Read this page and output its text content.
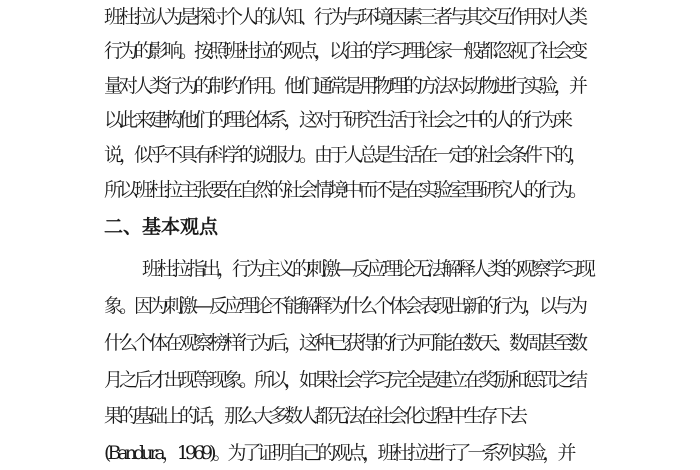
班杜拉认为是探讨个人的认知、行为与环境因素三者与其交互作用对人类
行为的影响。按照班杜拉的观点，以往的学习理论家一般都忽视了社会变
量对人类行为的制约作用。他们通常是用物理的方法对动物进行实验，并
以此来建构他们的理论体系，这对于研究生活于社会之中的人的行为来
说，似乎不具有科学的说服力。由于人总是生活在一定的社会条件下的，
所以班杜拉主张要在自然的社会情境中而不是在实验室里研究人的行为。
二、基本观点
班杜拉指出，行为主义的刺激—反应理论无法解释人类的观察学习现
象。因为刺激—反应理论不能解释为什么个体会表现出新的行为，以与为
什么个体在观察榜样行为后，这种已获得的行为可能在数天、数周甚至数
月之后才出现等现象。所以，如果社会学习完全是建立在奖励和惩罚之结
果的基础上的话，那么大多数人都无法在社会化过程中生存下去
(Bandura，1969)。为了证明自己的观点，班杜拉进行了一系列实验，并
